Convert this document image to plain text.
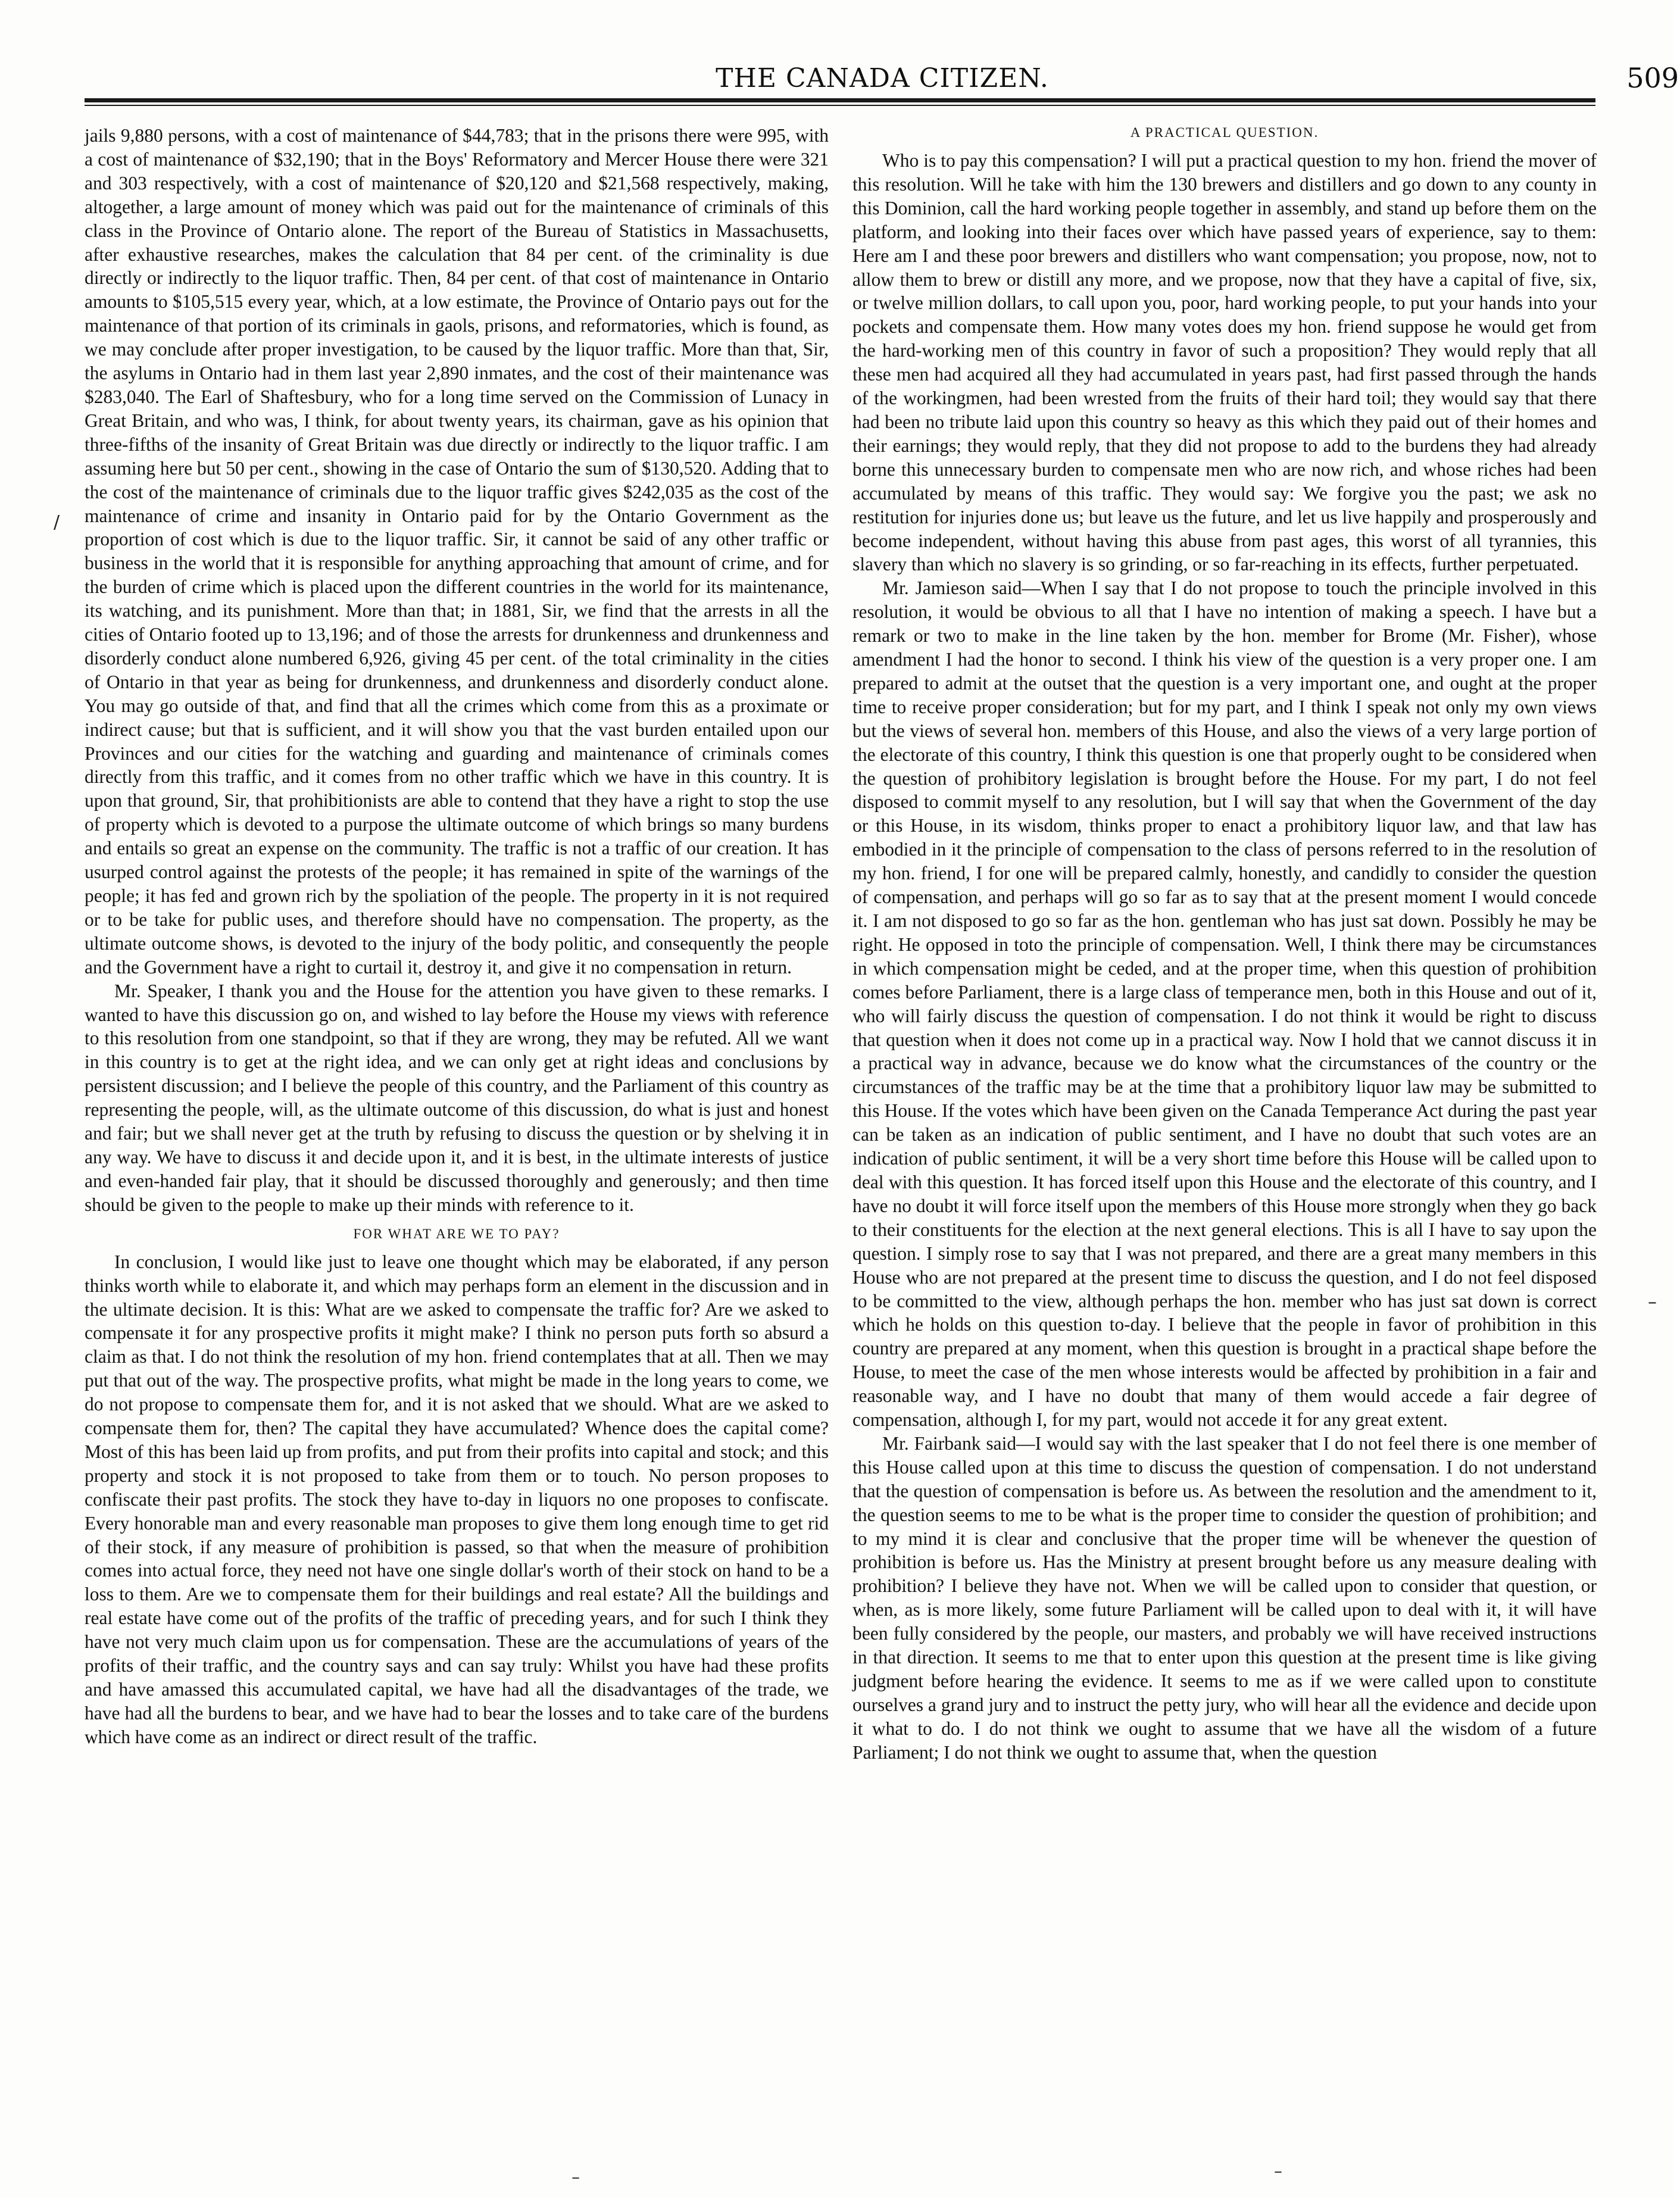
THE CANADA CITIZEN.	509

jails 9,880 persons, with a cost of maintenance of $44,783; that in the prisons there were 995, with a cost of maintenance of $32,190; that in the Boys' Reformatory and Mercer House there were 321 and 303 respectively, with a cost of maintenance of $20,120 and $21,568 respectively, making, altogether, a large amount of money which was paid out for the maintenance of criminals of this class in the Province of Ontario alone. The report of the Bureau of Statistics in Massachusetts, after exhaustive researches, makes the calculation that 84 per cent. of the criminality is due directly or indirectly to the liquor traffic. Then, 84 per cent. of that cost of maintenance in Ontario amounts to $105,515 every year, which, at a low estimate, the Province of Ontario pays out for the maintenance of that portion of its criminals in gaols, prisons, and reformatories, which is found, as we may conclude after proper investigation, to be caused by the liquor traffic. More than that, Sir, the asylums in Ontario had in them last year 2,890 inmates, and the cost of their maintenance was $283,040. The Earl of Shaftesbury, who for a long time served on the Commission of Lunacy in Great Britain, and who was, I think, for about twenty years, its chairman, gave as his opinion that three-fifths of the insanity of Great Britain was due directly or indirectly to the liquor traffic. I am assuming here but 50 per cent., showing in the case of Ontario the sum of $130,520. Adding that to the cost of the maintenance of criminals due to the liquor traffic gives $242,035 as the cost of the maintenance of crime and insanity in Ontario paid for by the Ontario Government as the proportion of cost which is due to the liquor traffic. Sir, it cannot be said of any other traffic or business in the world that it is responsible for anything approaching that amount of crime, and for the burden of crime which is placed upon the different countries in the world for its maintenance, its watching, and its punishment. More than that; in 1881, Sir, we find that the arrests in all the cities of Ontario footed up to 13,196; and of those the arrests for drunkenness and drunkenness and disorderly conduct alone numbered 6,926, giving 45 per cent. of the total criminality in the cities of Ontario in that year as being for drunkenness, and drunkenness and disorderly conduct alone. You may go outside of that, and find that all the crimes which come from this as a proximate or indirect cause; but that is sufficient, and it will show you that the vast burden entailed upon our Provinces and our cities for the watching and guarding and maintenance of criminals comes directly from this traffic, and it comes from no other traffic which we have in this country. It is upon that ground, Sir, that prohibitionists are able to contend that they have a right to stop the use of property which is devoted to a purpose the ultimate outcome of which brings so many burdens and entails so great an expense on the community. The traffic is not a traffic of our creation. It has usurped control against the protests of the people; it has remained in spite of the warnings of the people; it has fed and grown rich by the spoliation of the people. The property in it is not required or to be take for public uses, and therefore should have no compensation. The property, as the ultimate outcome shows, is devoted to the injury of the body politic, and consequently the people and the Government have a right to curtail it, destroy it, and give it no compensation in return.

Mr. Speaker, I thank you and the House for the attention you have given to these remarks. I wanted to have this discussion go on, and wished to lay before the House my views with reference to this resolution from one standpoint, so that if they are wrong, they may be refuted. All we want in this country is to get at the right idea, and we can only get at right ideas and conclusions by persistent discussion; and I believe the people of this country, and the Parliament of this country as representing the people, will, as the ultimate outcome of this discussion, do what is just and honest and fair; but we shall never get at the truth by refusing to discuss the question or by shelving it in any way. We have to discuss it and decide upon it, and it is best, in the ultimate interests of justice and even-handed fair play, that it should be discussed thoroughly and generously; and then time should be given to the people to make up their minds with reference to it.

FOR WHAT ARE WE TO PAY?

In conclusion, I would like just to leave one thought which may be elaborated, if any person thinks worth while to elaborate it, and which may perhaps form an element in the discussion and in the ultimate decision. It is this: What are we asked to compensate the traffic for? Are we asked to compensate it for any prospective profits it might make? I think no person puts forth so absurd a claim as that. I do not think the resolution of my hon. friend contemplates that at all. Then we may put that out of the way. The prospective profits, what might be made in the long years to come, we do not propose to compensate them for, and it is not asked that we should. What are we asked to compensate them for, then? The capital they have accumulated? Whence does the capital come? Most of this has been laid up from profits, and put from their profits into capital and stock; and this property and stock it is not proposed to take from them or to touch. No person proposes to confiscate their past profits. The stock they have to-day in liquors no one proposes to confiscate. Every honorable man and every reasonable man proposes to give them long enough time to get rid of their stock, if any measure of prohibition is passed, so that when the measure of prohibition comes into actual force, they need not have one single dollar's worth of their stock on hand to be a loss to them. Are we to compensate them for their buildings and real estate? All the buildings and real estate have come out of the profits of the traffic of preceding years, and for such I think they have not very much claim upon us for compensation. These are the accumulations of years of the profits of their traffic, and the country says and can say truly: Whilst you have had these profits and have amassed this accumulated capital, we have had all the disadvantages of the trade, we have had all the burdens to bear, and we have had to bear the losses and to take care of the burdens which have come as an indirect or direct result of the traffic.

A PRACTICAL QUESTION.

Who is to pay this compensation? I will put a practical question to my hon. friend the mover of this resolution. Will he take with him the 130 brewers and distillers and go down to any county in this Dominion, call the hard working people together in assembly, and stand up before them on the platform, and looking into their faces over which have passed years of experience, say to them: Here am I and these poor brewers and distillers who want compensation; you propose, now, not to allow them to brew or distill any more, and we propose, now that they have a capital of five, six, or twelve million dollars, to call upon you, poor, hard working people, to put your hands into your pockets and compensate them. How many votes does my hon. friend suppose he would get from the hard-working men of this country in favor of such a proposition? They would reply that all these men had acquired all they had accumulated in years past, had first passed through the hands of the workingmen, had been wrested from the fruits of their hard toil; they would say that there had been no tribute laid upon this country so heavy as this which they paid out of their homes and their earnings; they would reply, that they did not propose to add to the burdens they had already borne this unnecessary burden to compensate men who are now rich, and whose riches had been accumulated by means of this traffic. They would say: We forgive you the past; we ask no restitution for injuries done us; but leave us the future, and let us live happily and prosperously and become independent, without having this abuse from past ages, this worst of all tyrannies, this slavery than which no slavery is so grinding, or so far-reaching in its effects, further perpetuated.

Mr. Jamieson said—When I say that I do not propose to touch the principle involved in this resolution, it would be obvious to all that I have no intention of making a speech. I have but a remark or two to make in the line taken by the hon. member for Brome (Mr. Fisher), whose amendment I had the honor to second. I think his view of the question is a very proper one. I am prepared to admit at the outset that the question is a very important one, and ought at the proper time to receive proper consideration; but for my part, and I think I speak not only my own views but the views of several hon. members of this House, and also the views of a very large portion of the electorate of this country, I think this question is one that properly ought to be considered when the question of prohibitory legislation is brought before the House. For my part, I do not feel disposed to commit myself to any resolution, but I will say that when the Government of the day or this House, in its wisdom, thinks proper to enact a prohibitory liquor law, and that law has embodied in it the principle of compensation to the class of persons referred to in the resolution of my hon. friend, I for one will be prepared calmly, honestly, and candidly to consider the question of compensation, and perhaps will go so far as to say that at the present moment I would concede it. I am not disposed to go so far as the hon. gentleman who has just sat down. Possibly he may be right. He opposed in toto the principle of compensation. Well, I think there may be circumstances in which compensation might be ceded, and at the proper time, when this question of prohibition comes before Parliament, there is a large class of temperance men, both in this House and out of it, who will fairly discuss the question of compensation. I do not think it would be right to discuss that question when it does not come up in a practical way. Now I hold that we cannot discuss it in a practical way in advance, because we do know what the circumstances of the country or the circumstances of the traffic may be at the time that a prohibitory liquor law may be submitted to this House. If the votes which have been given on the Canada Temperance Act during the past year can be taken as an indication of public sentiment, and I have no doubt that such votes are an indication of public sentiment, it will be a very short time before this House will be called upon to deal with this question. It has forced itself upon this House and the electorate of this country, and I have no doubt it will force itself upon the members of this House more strongly when they go back to their constituents for the election at the next general elections. This is all I have to say upon the question. I simply rose to say that I was not prepared, and there are a great many members in this House who are not prepared at the present time to discuss the question, and I do not feel disposed to be committed to the view, although perhaps the hon. member who has just sat down is correct which he holds on this question to-day. I believe that the people in favor of prohibition in this country are prepared at any moment, when this question is brought in a practical shape before the House, to meet the case of the men whose interests would be affected by prohibition in a fair and reasonable way, and I have no doubt that many of them would accede a fair degree of compensation, although I, for my part, would not accede it for any great extent.

Mr. Fairbank said—I would say with the last speaker that I do not feel there is one member of this House called upon at this time to discuss the question of compensation. I do not understand that the question of compensation is before us. As between the resolution and the amendment to it, the question seems to me to be what is the proper time to consider the question of prohibition; and to my mind it is clear and conclusive that the proper time will be whenever the question of prohibition is before us. Has the Ministry at present brought before us any measure dealing with prohibition? I believe they have not. When we will be called upon to consider that question, or when, as is more likely, some future Parliament will be called upon to deal with it, it will have been fully considered by the people, our masters, and probably we will have received instructions in that direction. It seems to me that to enter upon this question at the present time is like giving judgment before hearing the evidence. It seems to me as if we were called upon to constitute ourselves a grand jury and to instruct the petty jury, who will hear all the evidence and decide upon it what to do. I do not think we ought to assume that we have all the wisdom of a future Parliament; I do not think we ought to assume that, when the question

/
–
–	–
